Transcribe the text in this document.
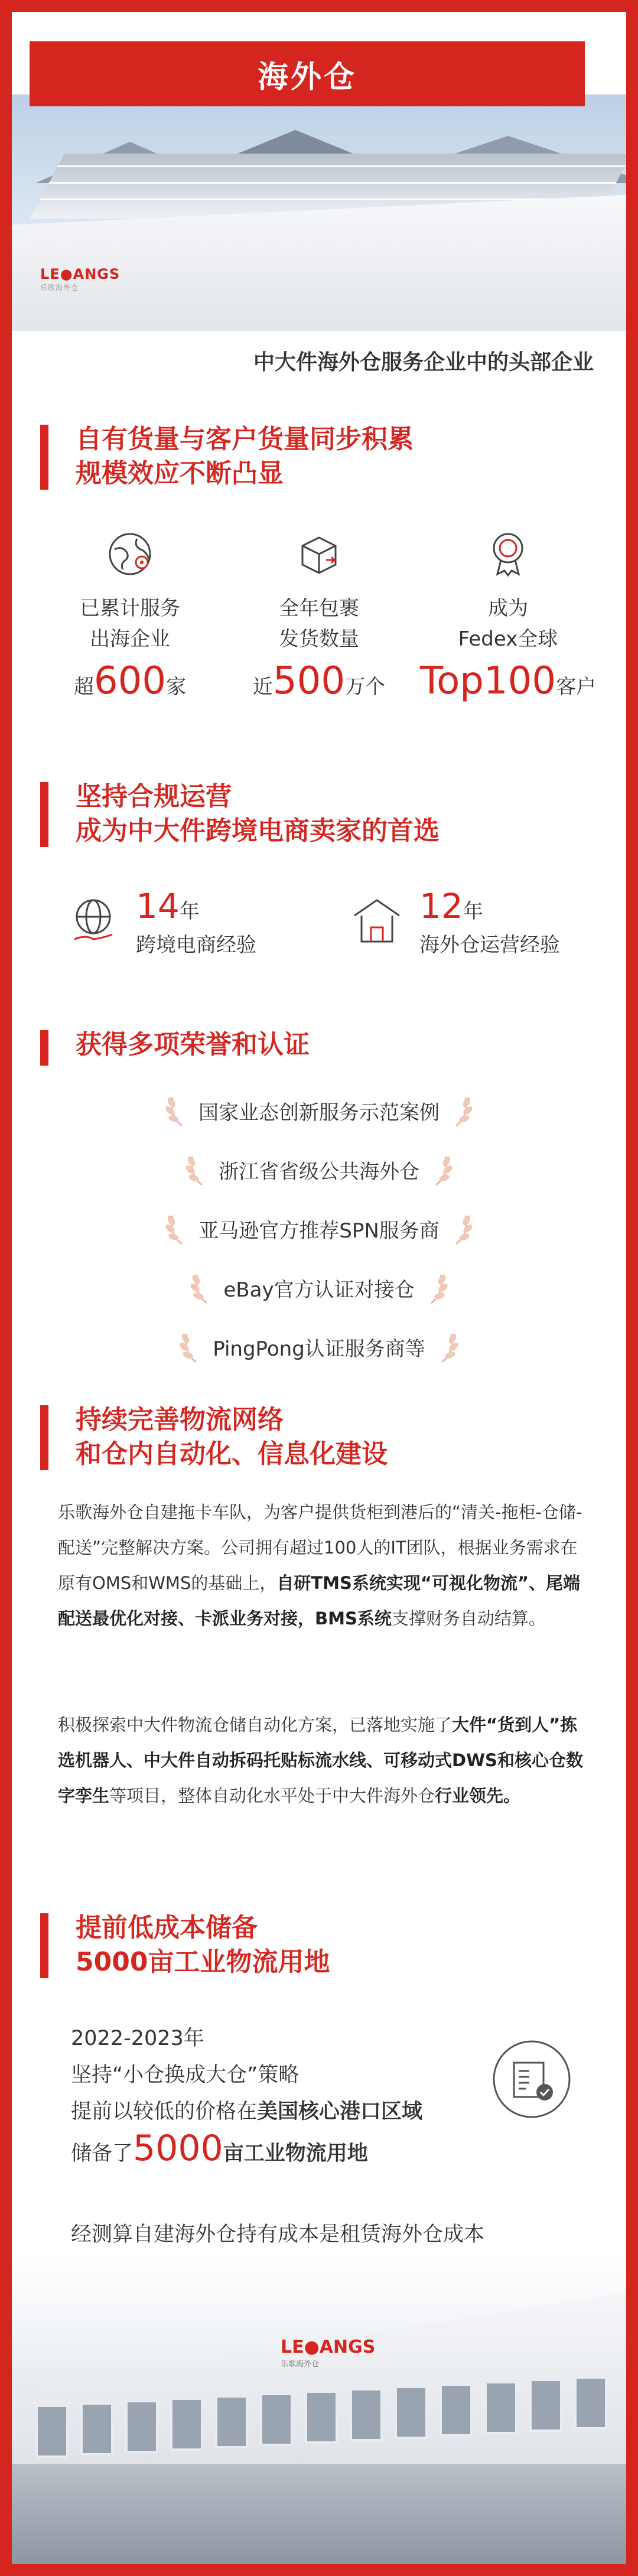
LE●ANGS
乐歌海外仓
海外仓
中大件海外仓服务企业中的头部企业
自有货量与客户货量同步积累
规模效应不断凸显
已累计服务
出海企业
超600家
全年包裹
发货数量
近500万个
成为
Fedex全球
Top100客户
坚持合规运营
成为中大件跨境电商卖家的首选
14年
跨境电商经验
12年
海外仓运营经验
获得多项荣誉和认证
国家业态创新服务示范案例
浙江省省级公共海外仓
亚马逊官方推荐SPN服务商
eBay官方认证对接仓
PingPong认证服务商等
持续完善物流网络
和仓内自动化、信息化建设
乐歌海外仓自建拖卡车队，为客户提供货柜到港后的“清关-拖柜-仓储-配送”完整解决方案。公司拥有超过100人的IT团队，根据业务需求在原有OMS和WMS的基础上，自研TMS系统实现“可视化物流”、尾端配送最优化对接、卡派业务对接，BMS系统支撑财务自动结算。
积极探索中大件物流仓储自动化方案，已落地实施了大件“货到人”拣选机器人、中大件自动拆码托贴标流水线、可移动式DWS和核心仓数字孪生等项目，整体自动化水平处于中大件海外仓行业领先。
提前低成本储备
5000亩工业物流用地
2022-2023年
坚持“小仓换成大仓”策略
提前以较低的价格在美国核心港口区域
储备了5000亩工业物流用地
经测算自建海外仓持有成本是租赁海外仓成本
LE●ANGS
乐歌海外仓
